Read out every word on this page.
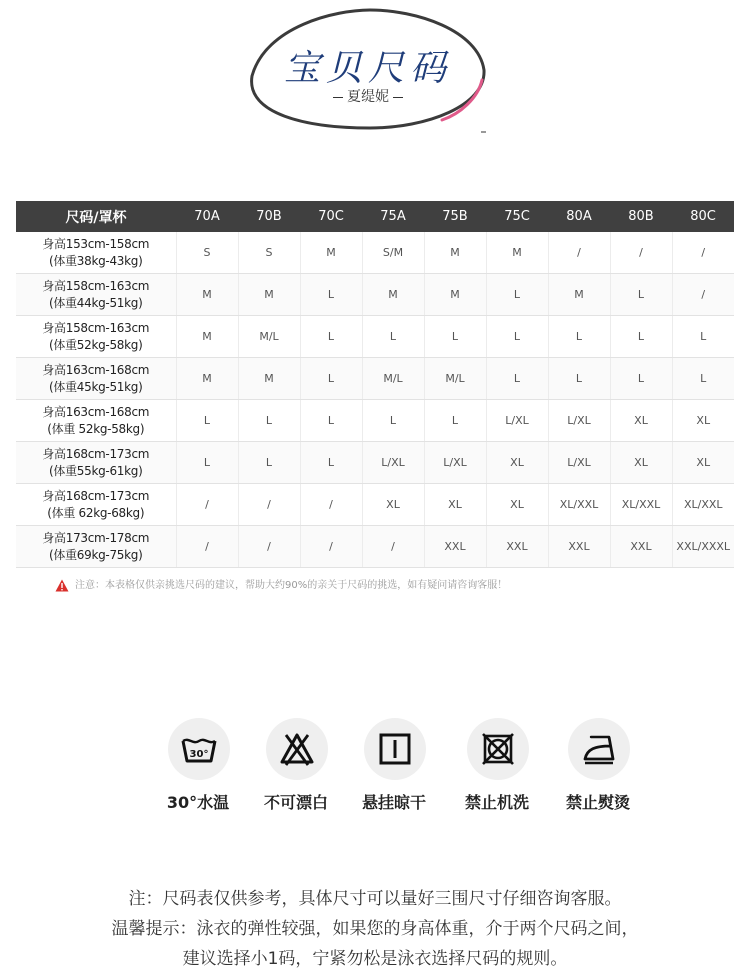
宝贝尺码
夏缇妮
尺码/罩杯	70A	70B	70C	75A	75B	75C	80A	80B	80C

身高153cm-158cm
(体重38kg-43kg)	S	S	M	S/M	M	M	/	/	/

身高158cm-163cm
(体重44kg-51kg)	M	M	L	M	M	L	M	L	/

身高158cm-163cm
(体重52kg-58kg)	M	M/L	L	L	L	L	L	L	L

身高163cm-168cm
(体重45kg-51kg)	M	M	L	M/L	M/L	L	L	L	L

身高163cm-168cm
(体重 52kg-58kg)	L	L	L	L	L	L/XL	L/XL	XL	XL

身高168cm-173cm
(体重55kg-61kg)	L	L	L	L/XL	L/XL	XL	L/XL	XL	XL

身高168cm-173cm
(体重 62kg-68kg)	/	/	/	XL	XL	XL	XL/XXL	XL/XXL	XL/XXL

身高173cm-178cm
(体重69kg-75kg)	/	/	/	/	XXL	XXL	XXL	XXL	XXL/XXXL
注意：本表格仅供亲挑选尺码的建议，帮助大约90%的亲关于尺码的挑选，如有疑问请咨询客服！
30°
30°水温	不可漂白	悬挂晾干	禁止机洗	禁止熨烫
注：尺码表仅供参考，具体尺寸可以量好三围尺寸仔细咨询客服。
温馨提示：泳衣的弹性较强，如果您的身高体重，介于两个尺码之间，
建议选择小1码，宁紧勿松是泳衣选择尺码的规则。
